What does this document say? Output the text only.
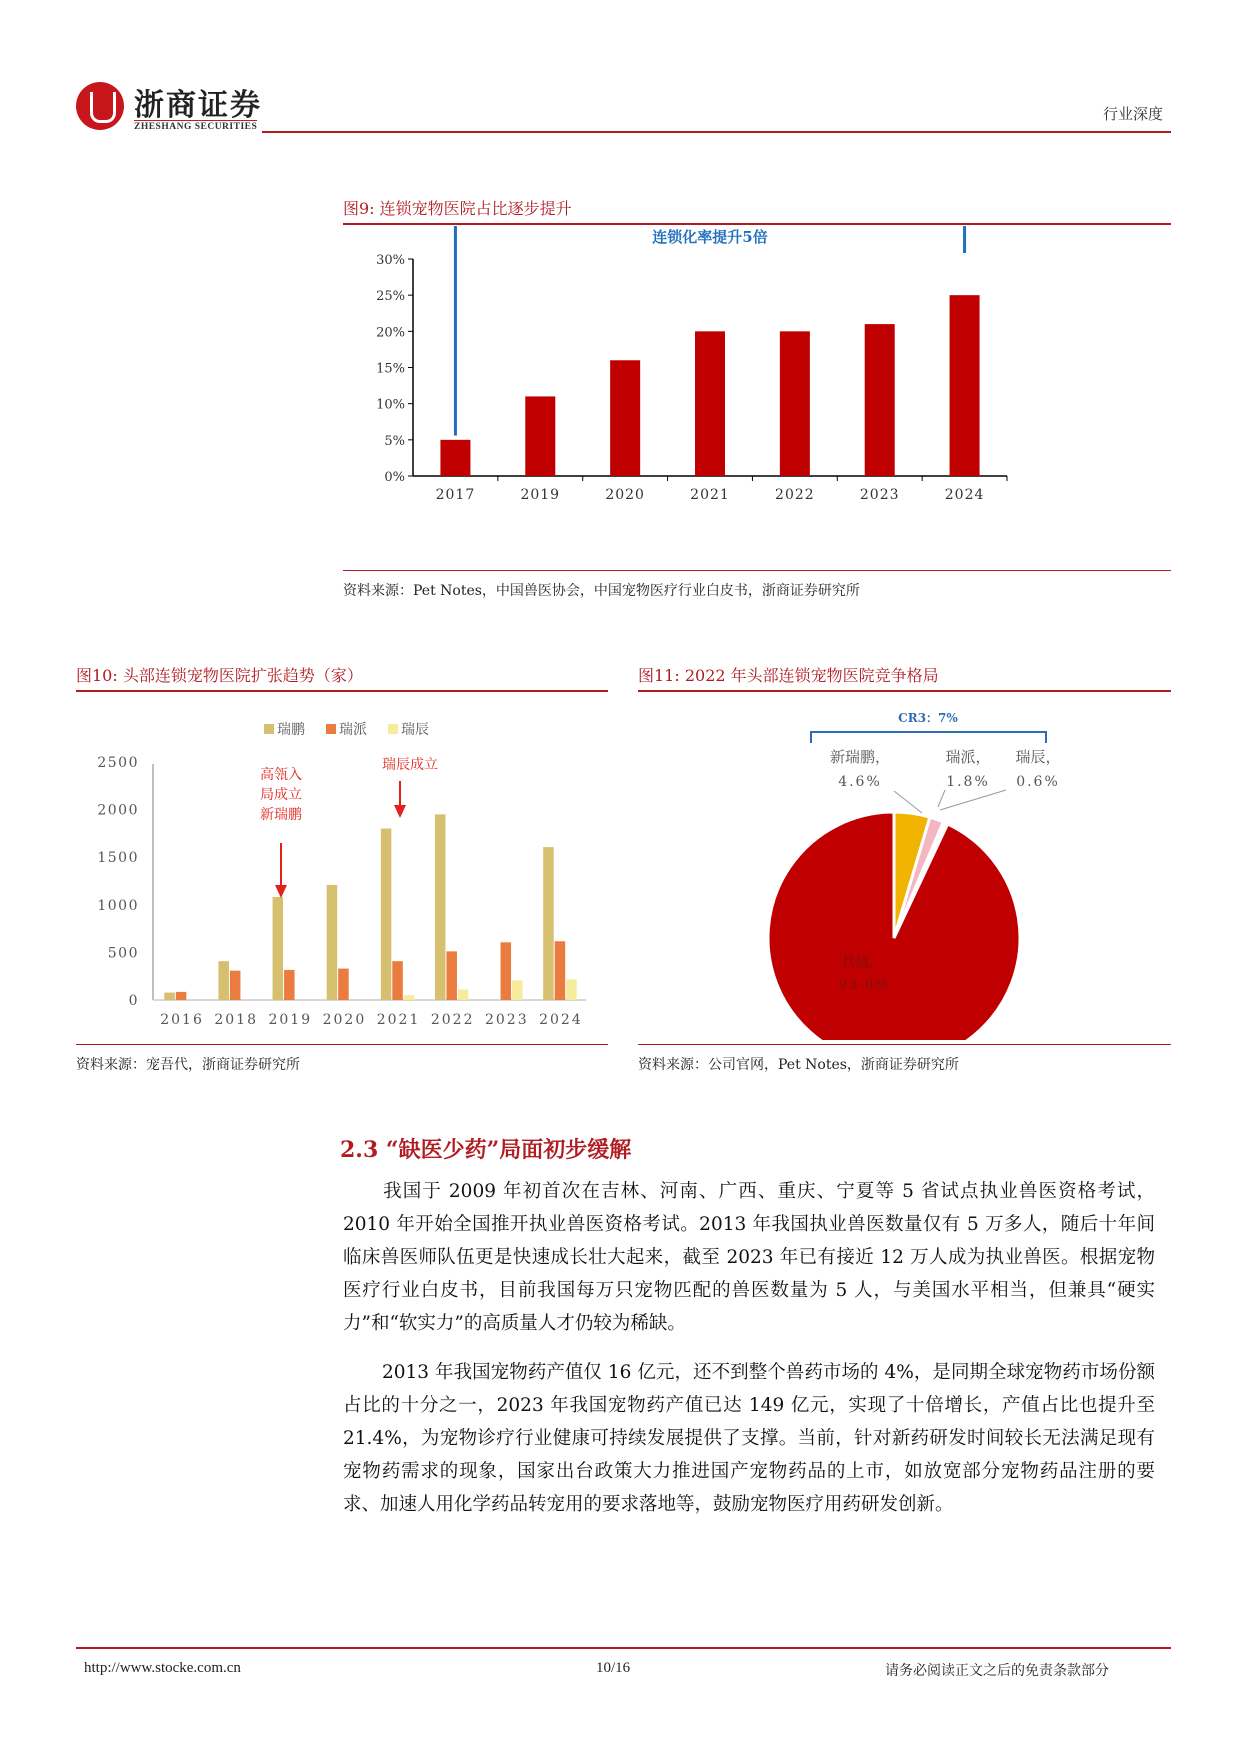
浙商证券
ZHESHANG SECURITIES
行业深度
图9: 连锁宠物医院占比逐步提升
0%
5%
10%
15%
20%
25%
30%
2017	2019	2020	2021	2022	2023	2024
连锁化率提升5倍
资料来源：Pet Notes，中国兽医协会，中国宠物医疗行业白皮书，浙商证券研究所
图10: 头部连锁宠物医院扩张趋势（家）
瑞鹏 瑞派 瑞辰
0
500
1000
1500
2000
2500
2016 2018 2019 2020 2021 2022 2023 2024
高瓴入
局成立
新瑞鹏
瑞辰成立
资料来源：宠吾代，浙商证券研究所
图11: 2022 年头部连锁宠物医院竞争格局
CR3：7%
新瑞鹏，
4.6%
瑞派，
1.8%
瑞辰，
0.6%
其他，
93.0%
资料来源：公司官网，Pet Notes，浙商证券研究所
2.3 “缺医少药”局面初步缓解
我国于 2009 年初首次在吉林、河南、广西、重庆、宁夏等 5 省试点执业兽医资格考试，2010 年开始全国推开执业兽医资格考试。2013 年我国执业兽医数量仅有 5 万多人，随后十年间临床兽医师队伍更是快速成长壮大起来，截至 2023 年已有接近 12 万人成为执业兽医。根据宠物医疗行业白皮书，目前我国每万只宠物匹配的兽医数量为 5 人，与美国水平相当，但兼具“硬实力”和“软实力”的高质量人才仍较为稀缺。
2013 年我国宠物药产值仅 16 亿元，还不到整个兽药市场的 4%，是同期全球宠物药市场份额占比的十分之一，2023 年我国宠物药产值已达 149 亿元，实现了十倍增长，产值占比也提升至 21.4%，为宠物诊疗行业健康可持续发展提供了支撑。当前，针对新药研发时间较长无法满足现有宠物药需求的现象，国家出台政策大力推进国产宠物药品的上市，如放宽部分宠物药品注册的要求、加速人用化学药品转宠用的要求落地等，鼓励宠物医疗用药研发创新。
http://www.stocke.com.cn	10/16	请务必阅读正文之后的免责条款部分
